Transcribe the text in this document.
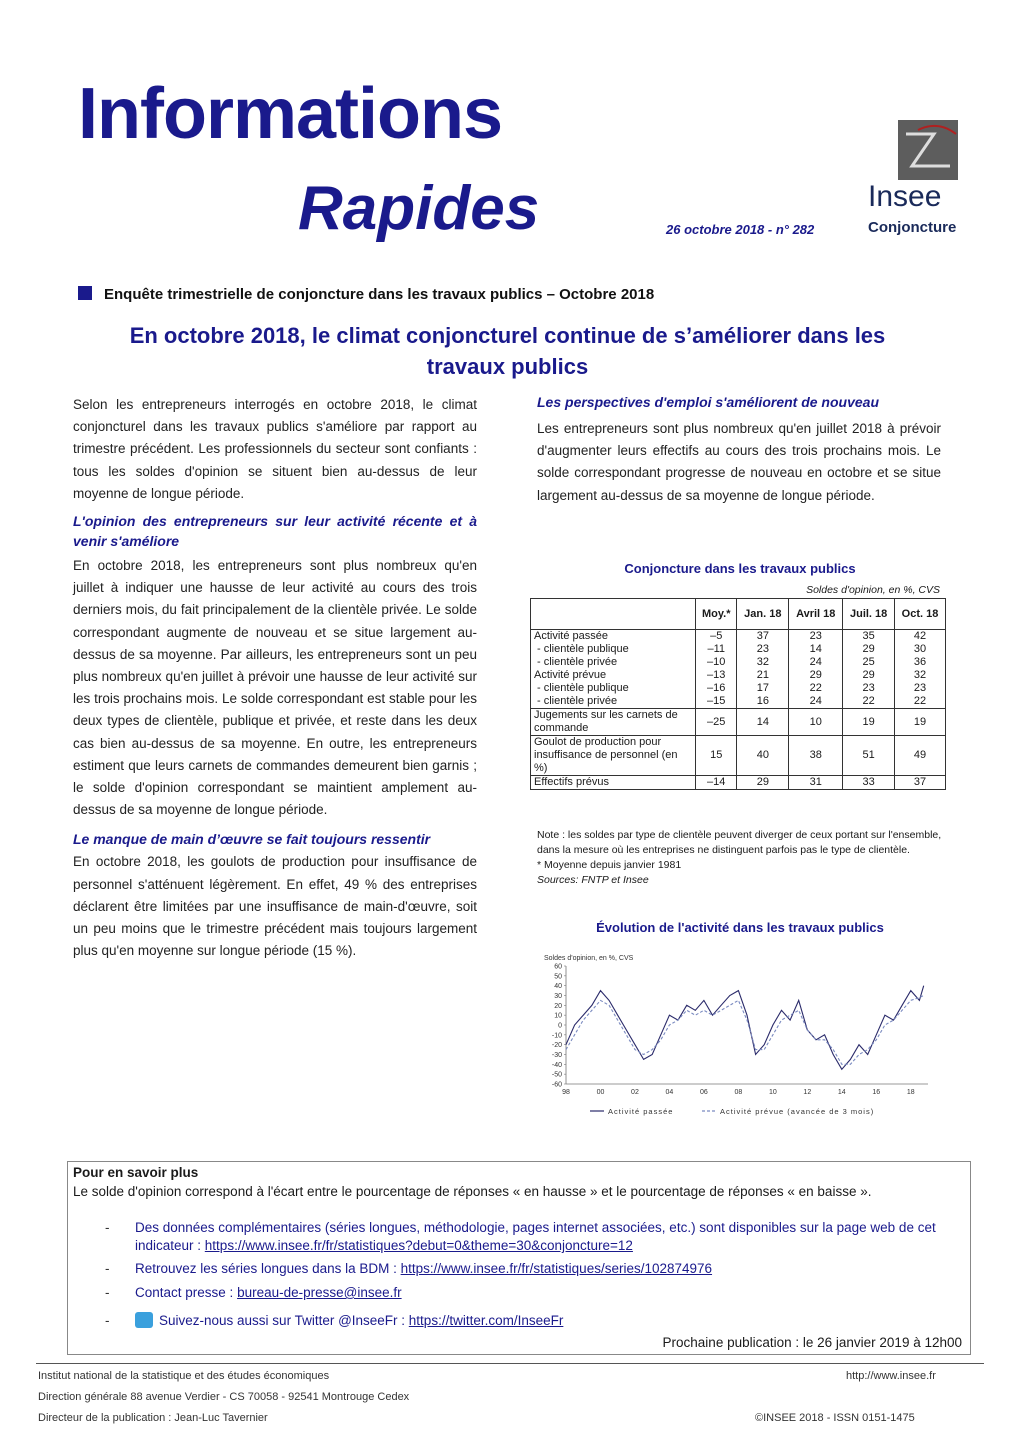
Informations
Rapides	26 octobre 2018 - n° 282
Insee

Conjoncture
Enquête trimestrielle de conjoncture dans les travaux publics – Octobre 2018
En octobre 2018, le climat conjoncturel continue de s’améliorer dans les travaux publics

Selon les entrepreneurs interrogés en octobre 2018, le climat conjoncturel dans les travaux publics s'améliore par rapport au trimestre précédent. Les professionnels du secteur sont confiants : tous les soldes d'opinion se situent bien au-dessus de leur moyenne de longue période.

L'opinion des entrepreneurs sur leur activité récente et à venir s'améliore

En octobre 2018, les entrepreneurs sont plus nombreux qu'en juillet à indiquer une hausse de leur activité au cours des trois derniers mois, du fait principalement de la clientèle privée. Le solde correspondant augmente de nouveau et se situe largement au-dessus de sa moyenne. Par ailleurs, les entrepreneurs sont un peu plus nombreux qu'en juillet à prévoir une hausse de leur activité sur les trois prochains mois. Le solde correspondant est stable pour les deux types de clientèle, publique et privée, et reste dans les deux cas bien au-dessus de sa moyenne. En outre, les entrepreneurs estiment que leurs carnets de commandes demeurent bien garnis ; le solde d'opinion correspondant se maintient amplement au-dessus de sa moyenne de longue période.

Le manque de main d’œuvre se fait toujours ressentir

En octobre 2018, les goulots de production pour insuffisance de personnel s'atténuent légèrement. En effet, 49 % des entreprises déclarent être limitées par une insuffisance de main-d'œuvre, soit un peu moins que le trimestre précédent mais toujours largement plus qu'en moyenne sur longue période (15 %).

Les perspectives d'emploi s'améliorent de nouveau

Les entrepreneurs sont plus nombreux qu'en juillet 2018 à prévoir d'augmenter leurs effectifs au cours des trois prochains mois. Le solde correspondant progresse de nouveau en octobre et se situe largement au-dessus de sa moyenne de longue période.

Conjoncture dans les travaux publics
Soldes d'opinion, en %, CVS
	Moy.*	Jan. 18	Avril 18	Juil. 18	Oct. 18
Activité passée	–5	37	23	35	42
- clientèle publique	–11	23	14	29	30
- clientèle privée	–10	32	24	25	36
Activité prévue	–13	21	29	29	32
- clientèle publique	–16	17	22	23	23
- clientèle privée	–15	16	24	22	22
Jugements sur les carnets de commande	–25	14	10	19	19
Goulot de production pour insuffisance de personnel (en %)	15	40	38	51	49
Effectifs prévus	–14	29	31	33	37
Note : les soldes par type de clientèle peuvent diverger de ceux portant sur l'ensemble, dans la mesure où les entreprises ne distinguent parfois pas le type de clientèle.
* Moyenne depuis janvier 1981
Sources: FNTP et Insee
Évolution de l'activité dans les travaux publics
Soldes d'opinion, en %, CVS
60
50
40
30
20
10
0
-10
-20
-30
-40
-50
-60
98	00	02	04	06	08	10	12	14	16	18
Activité passée	Activité prévue (avancée de 3 mois)
Pour en savoir plus
Le solde d'opinion correspond à l'écart entre le pourcentage de réponses « en hausse » et le pourcentage de réponses « en baisse ».
- Des données complémentaires (séries longues, méthodologie, pages internet associées, etc.) sont disponibles sur la page web de cet indicateur : https://www.insee.fr/fr/statistiques?debut=0&theme=30&conjoncture=12
- Retrouvez les séries longues dans la BDM : https://www.insee.fr/fr/statistiques/series/102874976
- Contact presse : bureau-de-presse@insee.fr
-	Suivez-nous aussi sur Twitter @InseeFr : https://twitter.com/InseeFr
Prochaine publication : le 26 janvier 2019 à 12h00
Institut national de la statistique et des études économiques
Direction générale 88 avenue Verdier - CS 70058 - 92541 Montrouge Cedex
Directeur de la publication : Jean-Luc Tavernier
http://www.insee.fr
©INSEE 2018 - ISSN 0151-1475
